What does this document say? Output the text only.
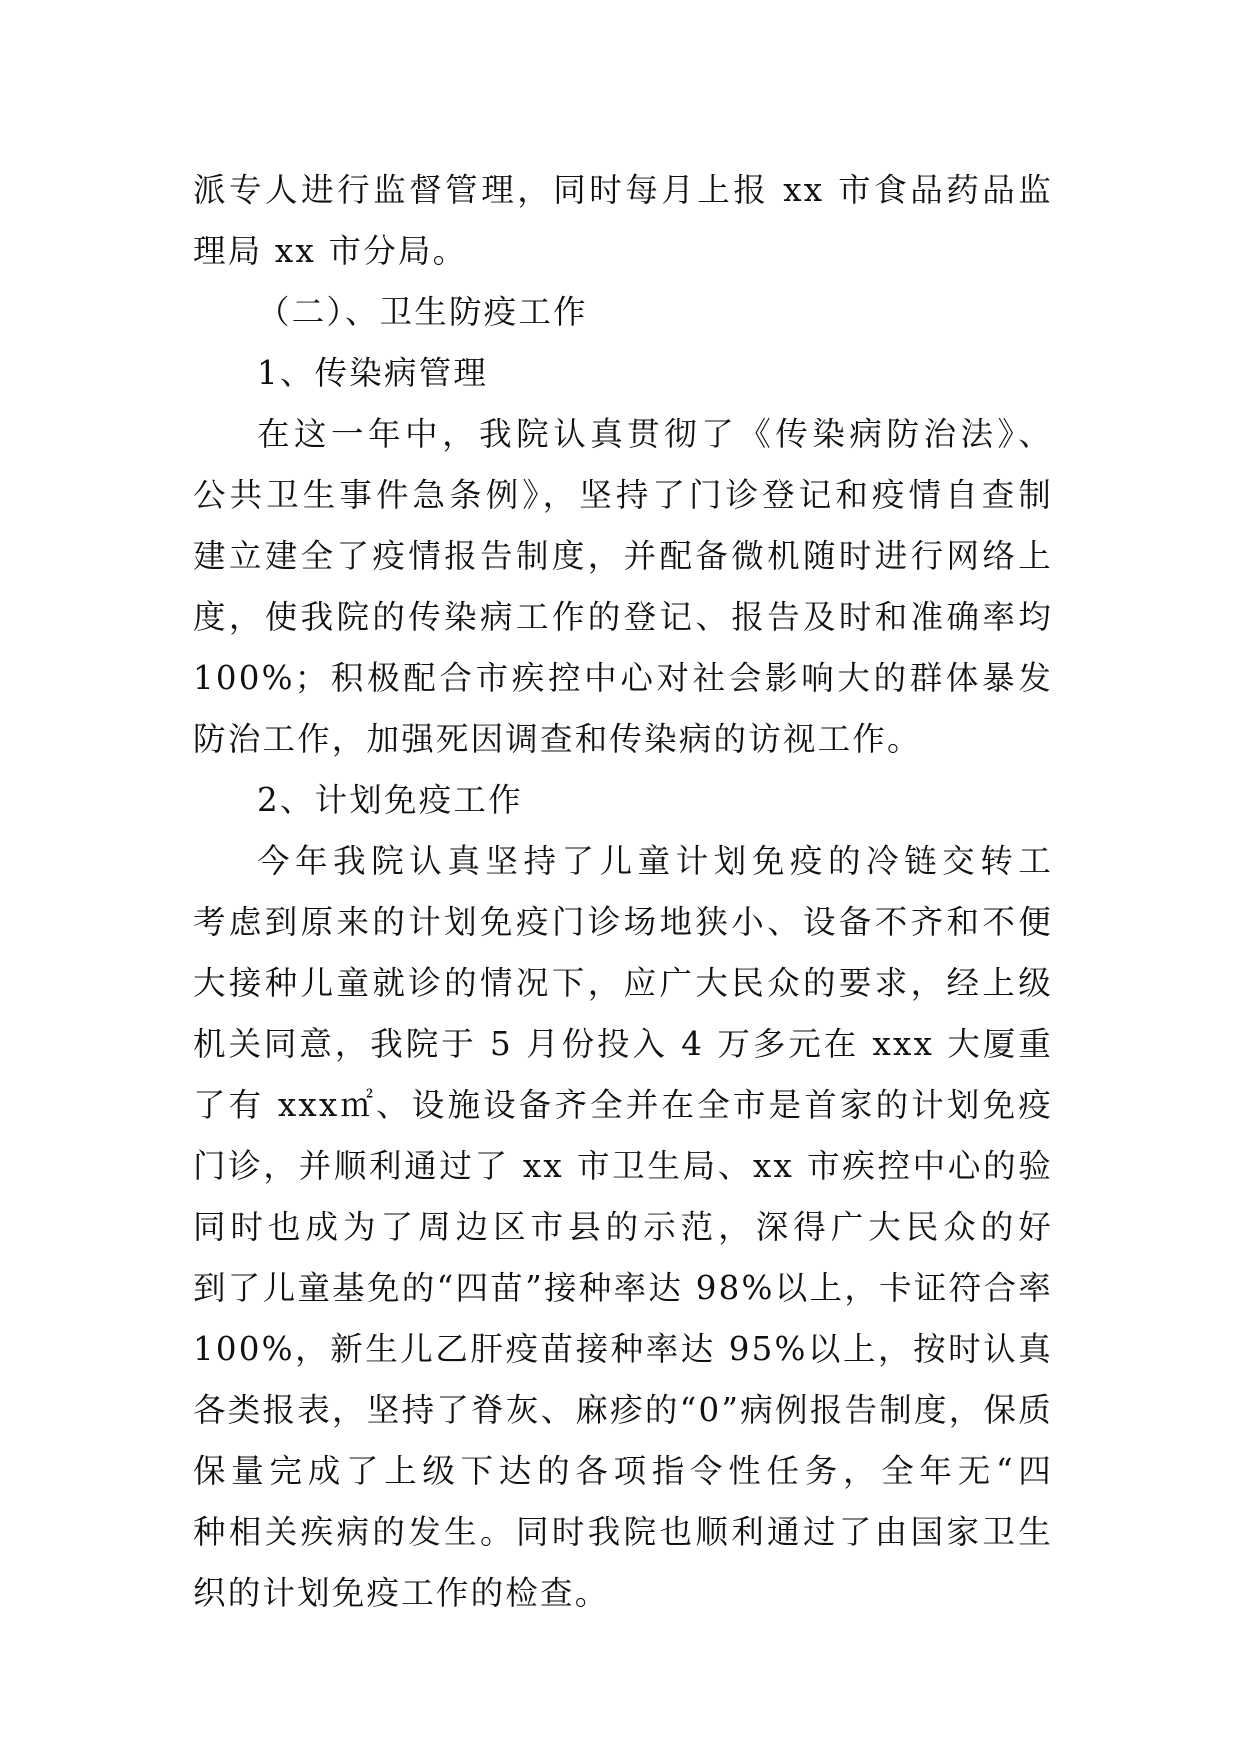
派专人进行监督管理，同时每月上报 xx 市食品药品监
理局 xx 市分局。
（二）、卫生防疫工作
1、传染病管理
在这一年中，我院认真贯彻了《传染病防治法》、
公共卫生事件急条例》，坚持了门诊登记和疫情自查制
建立建全了疫情报告制度，并配备微机随时进行网络上
度，使我院的传染病工作的登记、报告及时和准确率均
100%；积极配合市疾控中心对社会影响大的群体暴发
防治工作，加强死因调查和传染病的访视工作。
2、计划免疫工作
今年我院认真坚持了儿童计划免疫的冷链交转工
考虑到原来的计划免疫门诊场地狭小、设备不齐和不便
大接种儿童就诊的情况下，应广大民众的要求，经上级
机关同意，我院于 5 月份投入 4 万多元在 xxx 大厦重
了有 xxx㎡、设施设备齐全并在全市是首家的计划免疫
门诊，并顺利通过了 xx 市卫生局、xx 市疾控中心的验
同时也成为了周边区市县的示范，深得广大民众的好
到了儿童基免的“四苗”接种率达 98%以上，卡证符合率
100%，新生儿乙肝疫苗接种率达 95%以上，按时认真
各类报表，坚持了脊灰、麻疹的“0”病例报告制度，保质
保量完成了上级下达的各项指令性任务，全年无“四
种相关疾病的发生。同时我院也顺利通过了由国家卫生
织的计划免疫工作的检查。
